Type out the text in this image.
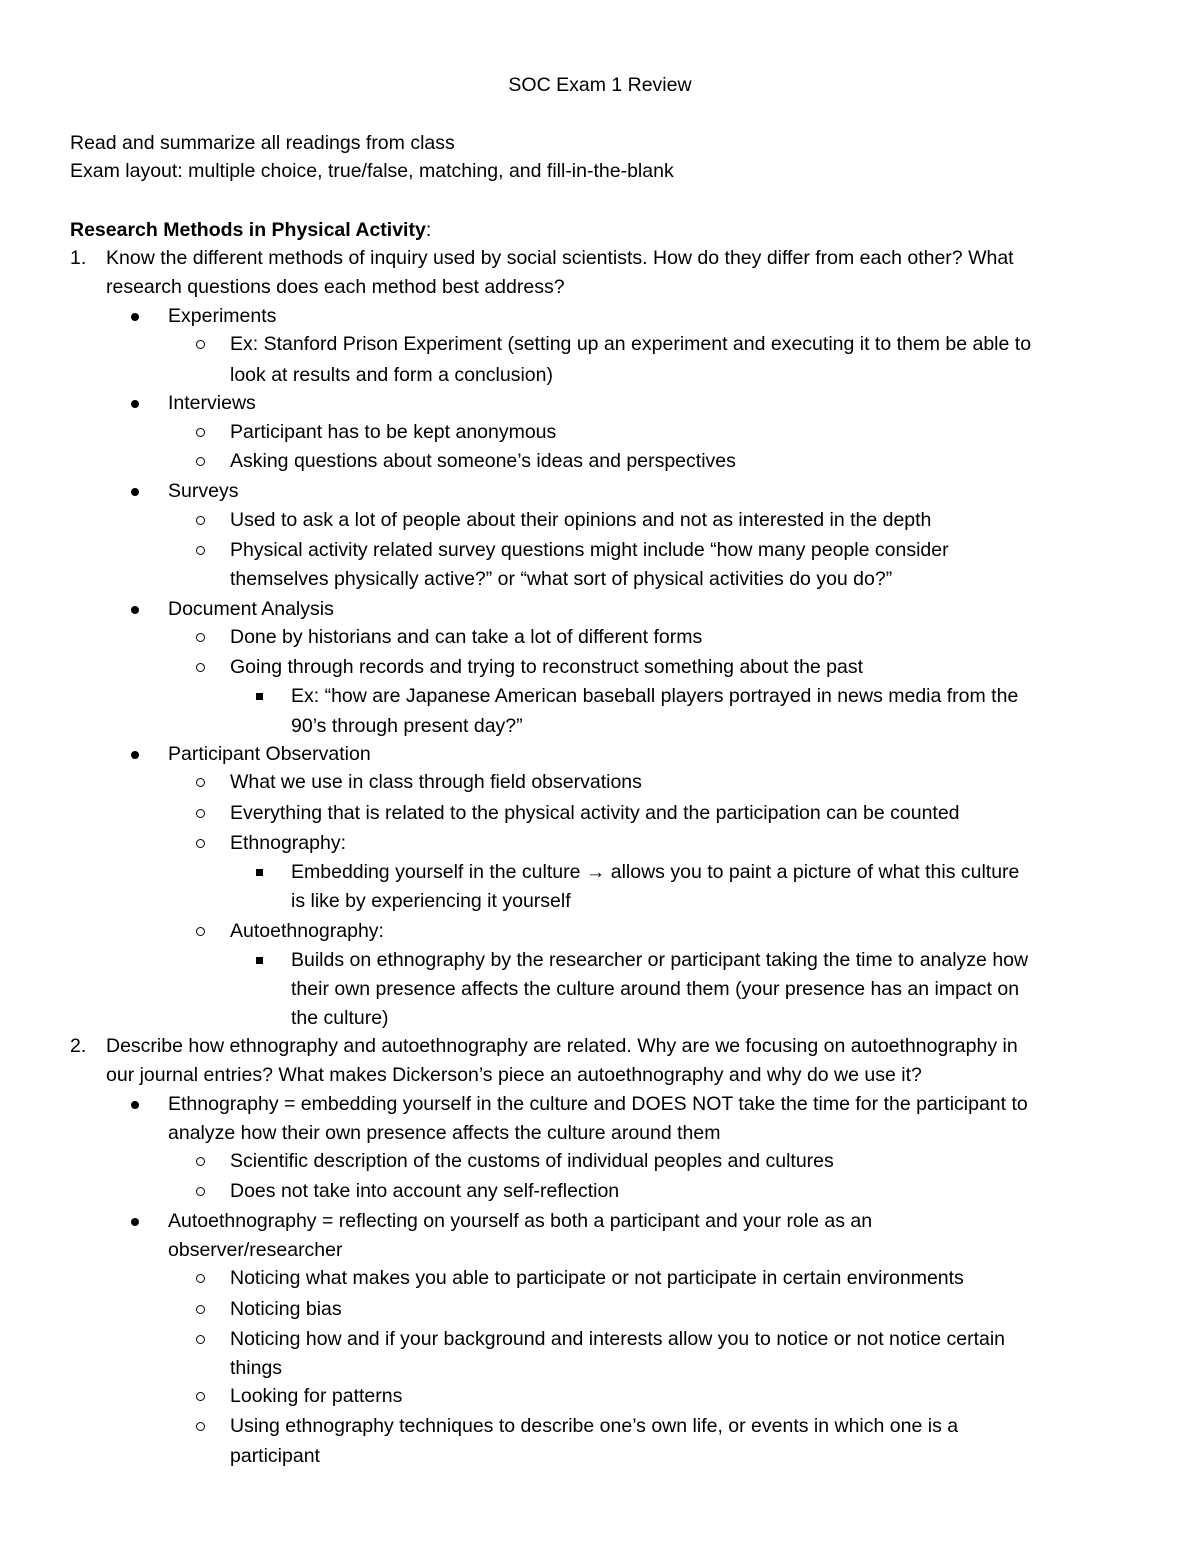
SOC Exam 1 Review
Read and summarize all readings from class
Exam layout: multiple choice, true/false, matching, and fill-in-the-blank
Research Methods in Physical Activity:
1. Know the different methods of inquiry used by social scientists. How do they differ from each other? What
research questions does each method best address?
Experiments
Ex: Stanford Prison Experiment (setting up an experiment and executing it to them be able to
look at results and form a conclusion)
Interviews
Participant has to be kept anonymous
Asking questions about someone’s ideas and perspectives
Surveys
Used to ask a lot of people about their opinions and not as interested in the depth
Physical activity related survey questions might include “how many people consider
themselves physically active?” or “what sort of physical activities do you do?”
Document Analysis
Done by historians and can take a lot of different forms
Going through records and trying to reconstruct something about the past
Ex: “how are Japanese American baseball players portrayed in news media from the
90’s through present day?”
Participant Observation
What we use in class through field observations
Everything that is related to the physical activity and the participation can be counted
Ethnography:
Embedding yourself in the culture → allows you to paint a picture of what this culture
is like by experiencing it yourself
Autoethnography:
Builds on ethnography by the researcher or participant taking the time to analyze how
their own presence affects the culture around them (your presence has an impact on
the culture)
2. Describe how ethnography and autoethnography are related. Why are we focusing on autoethnography in
our journal entries? What makes Dickerson’s piece an autoethnography and why do we use it?
Ethnography = embedding yourself in the culture and DOES NOT take the time for the participant to
analyze how their own presence affects the culture around them
Scientific description of the customs of individual peoples and cultures
Does not take into account any self-reflection
Autoethnography = reflecting on yourself as both a participant and your role as an
observer/researcher
Noticing what makes you able to participate or not participate in certain environments
Noticing bias
Noticing how and if your background and interests allow you to notice or not notice certain
things
Looking for patterns
Using ethnography techniques to describe one’s own life, or events in which one is a
participant
